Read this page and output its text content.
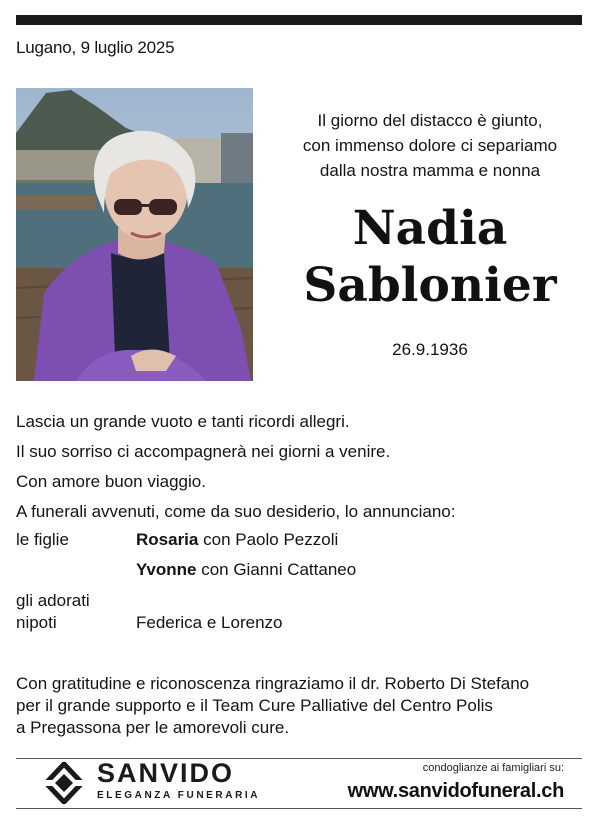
Lugano, 9 luglio 2025
Il giorno del distacco è giunto,
con immenso dolore ci separiamo
dalla nostra mamma e nonna
Nadia
Sablonier
26.9.1936
Lascia un grande vuoto e tanti ricordi allegri.
Il suo sorriso ci accompagnerà nei giorni a venire.
Con amore buon viaggio.
A funerali avvenuti, come da suo desiderio, lo annunciano:
le figlie	Rosaria con Paolo Pezzoli
Yvonne con Gianni Cattaneo
gli adorati
nipoti	Federica e Lorenzo
Con gratitudine e riconoscenza ringraziamo il dr. Roberto Di Stefano
per il grande supporto e il Team Cure Palliative del Centro Polis
a Pregassona per le amorevoli cure.
SANVIDO
ELEGANZA FUNERARIA
condoglianze ai famigliari su:
www.sanvidofuneral.ch
